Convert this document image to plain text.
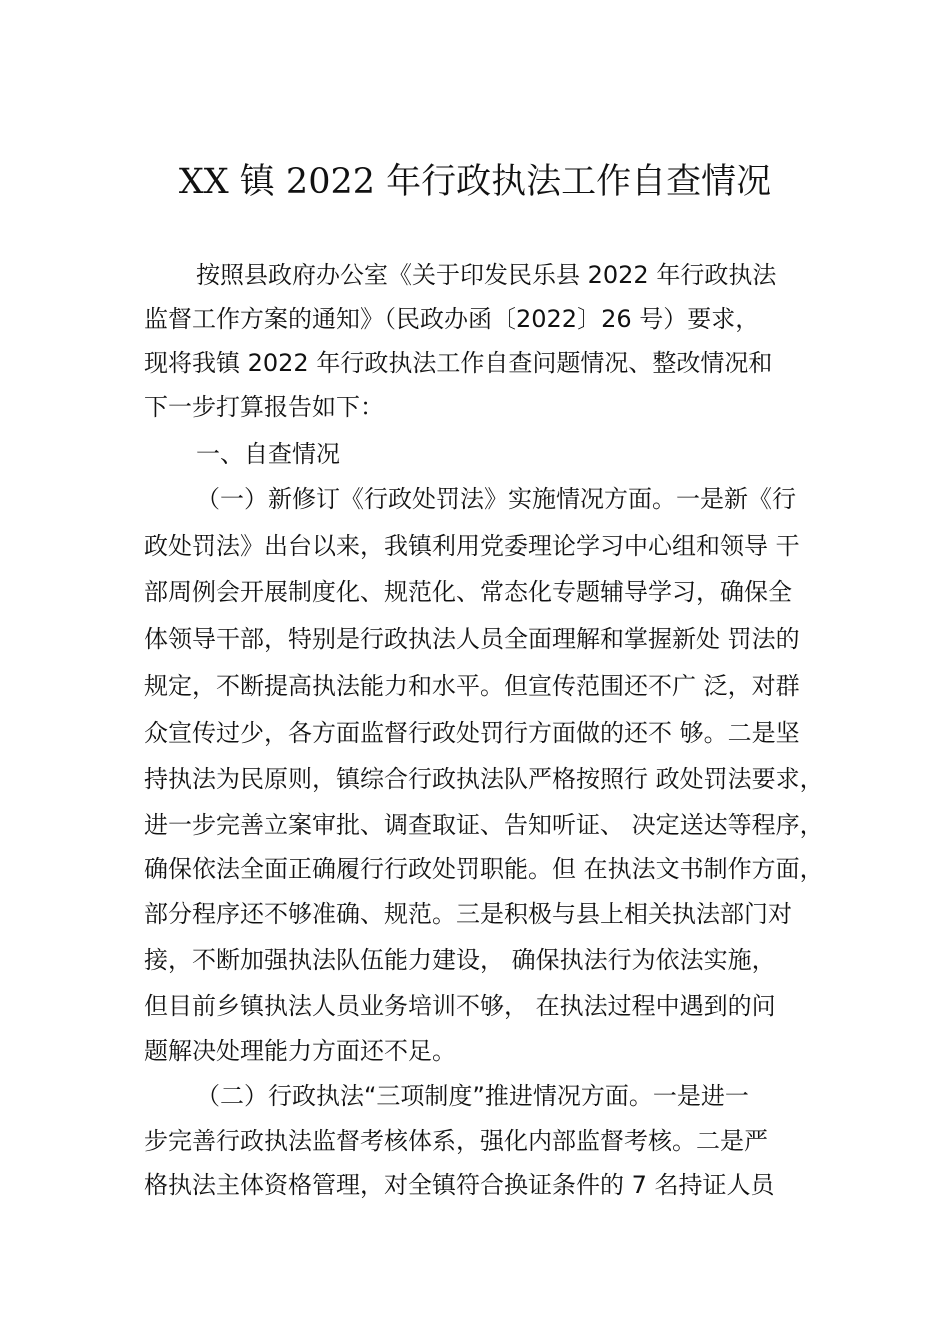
XX 镇 2022 年行政执法工作自查情况
按照县政府办公室《关于印发民乐县 2022 年行政执法
监督工作方案的通知》（民政办函〔2022〕26 号）要求，
现将我镇 2022 年行政执法工作自查问题情况、整改情况和
下一步打算报告如下：
一、自查情况
（一）新修订《行政处罚法》实施情况方面。一是新《行
政处罚法》出台以来，我镇利用党委理论学习中心组和领导 干
部周例会开展制度化、规范化、常态化专题辅导学习，确保全
体领导干部，特别是行政执法人员全面理解和掌握新处 罚法的
规定，不断提高执法能力和水平。但宣传范围还不广 泛，对群
众宣传过少，各方面监督行政处罚行方面做的还不 够。二是坚
持执法为民原则，镇综合行政执法队严格按照行 政处罚法要求，
进一步完善立案审批、调查取证、告知听证、 决定送达等程序，
确保依法全面正确履行行政处罚职能。但 在执法文书制作方面，
部分程序还不够准确、规范。三是积极与县上相关执法部门对
接，不断加强执法队伍能力建设， 确保执法行为依法实施，
但目前乡镇执法人员业务培训不够， 在执法过程中遇到的问
题解决处理能力方面还不足。
（二）行政执法“三项制度”推进情况方面。一是进一
步完善行政执法监督考核体系，强化内部监督考核。二是严
格执法主体资格管理，对全镇符合换证条件的 7 名持证人员
